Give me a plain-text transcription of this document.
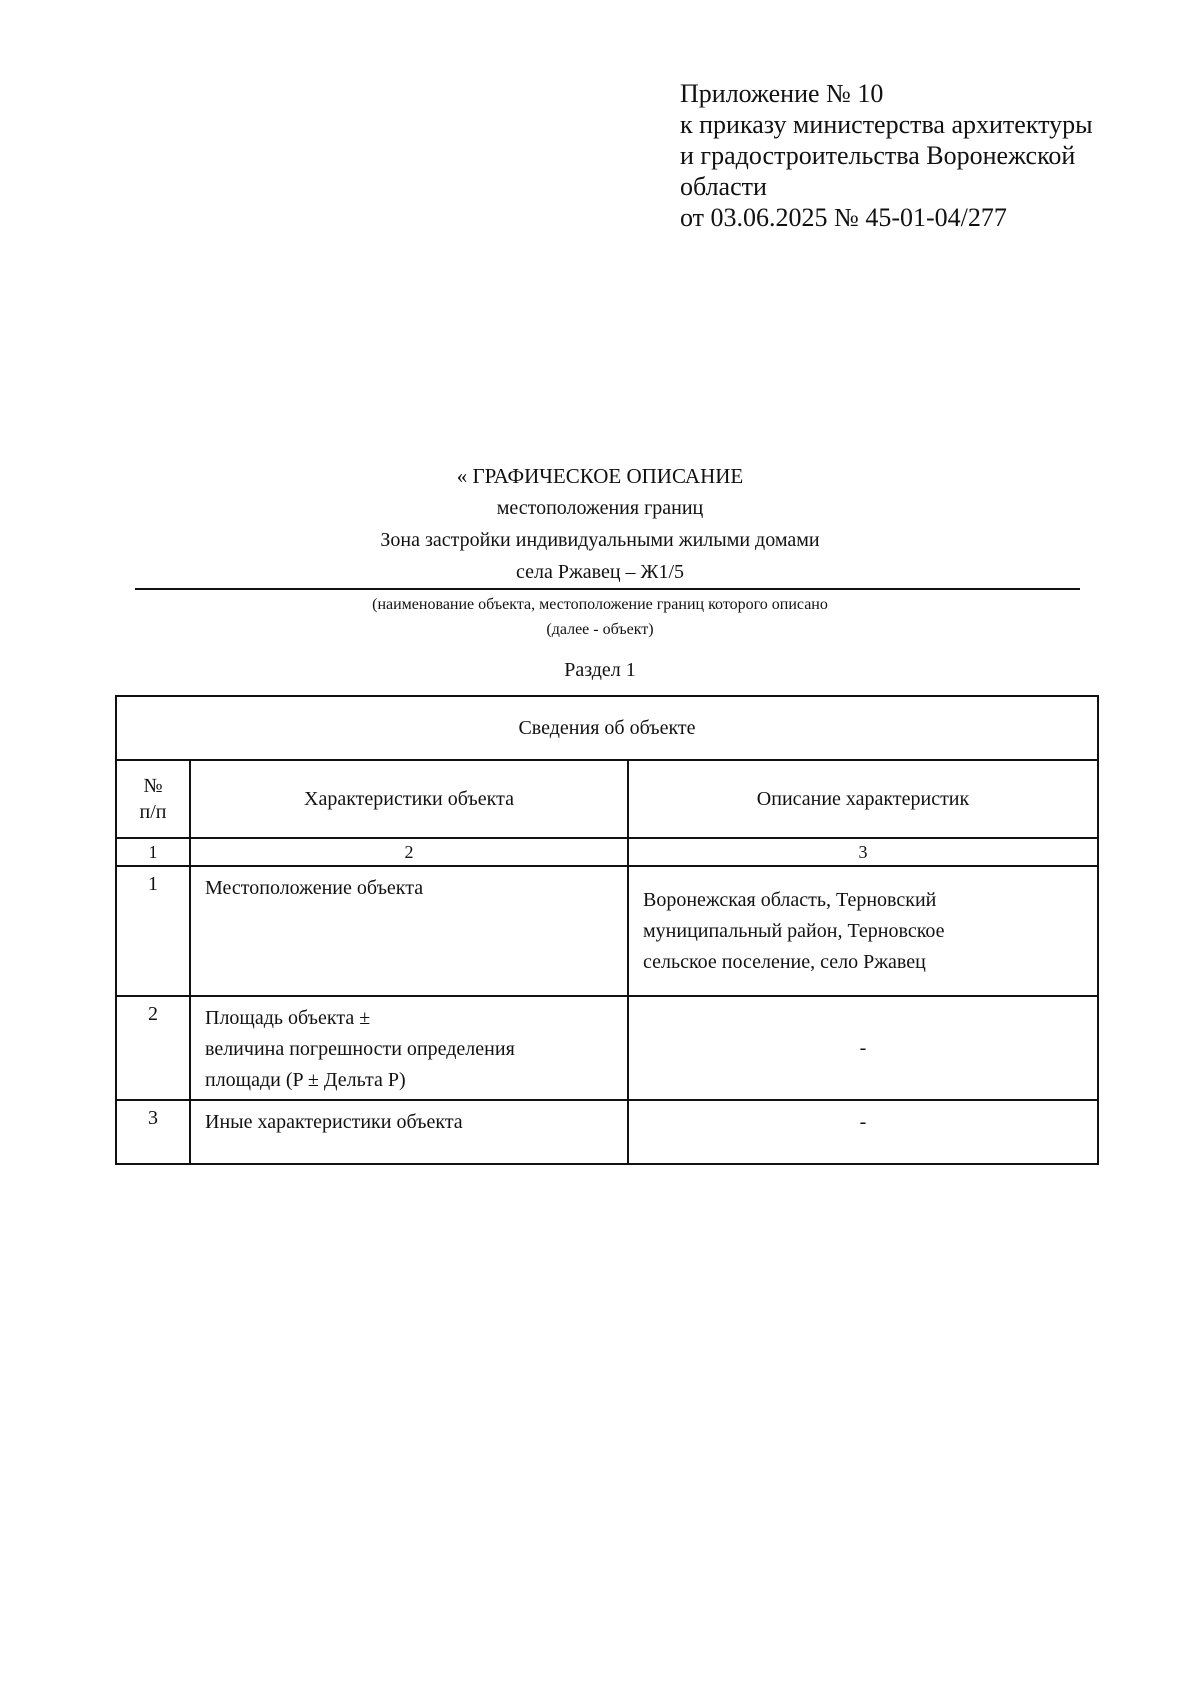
Приложение № 10
к приказу министерства архитектуры
и градостроительства Воронежской
области
от 03.06.2025 № 45-01-04/277
« ГРАФИЧЕСКОЕ ОПИСАНИЕ
местоположения границ
Зона застройки индивидуальными жилыми домами
села Ржавец – Ж1/5
(наименование объекта, местоположение границ которого описано
(далее - объект)
Раздел 1
Сведения об объекте		

№
п/п	Характеристики объекта	Описание характеристик
1	2	3
1	Местоположение объекта	Воронежская область, Терновский
муниципальный район, Терновское
сельское поселение, село Ржавец

2	Площадь объекта ±
величина погрешности определения
площади (P ± Дельта P)	-
3	Иные характеристики объекта	-
